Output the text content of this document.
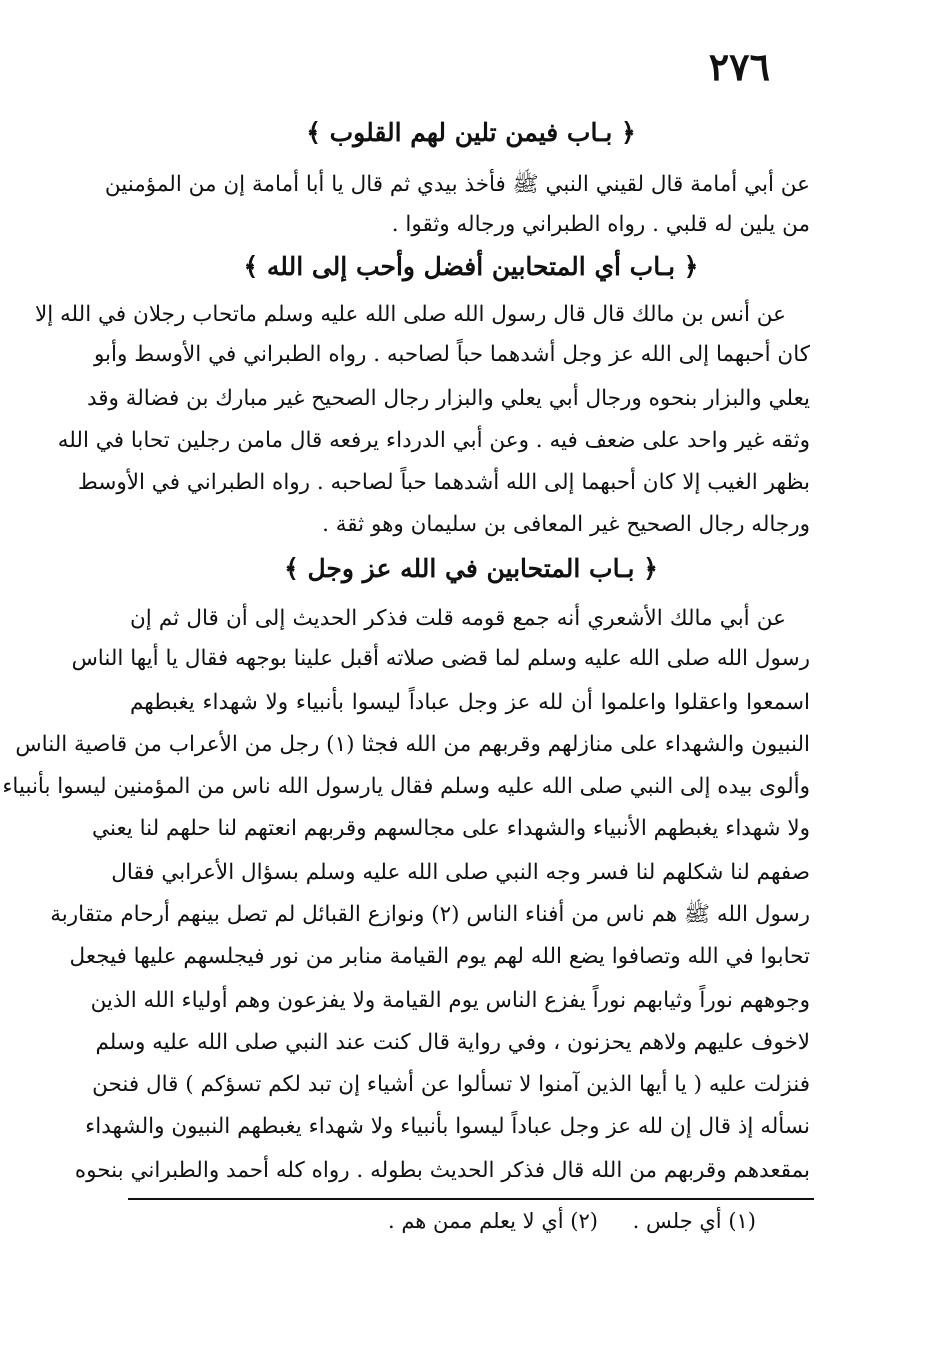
٢٧٦
﴿ بـاب فيمن تلين لهم القلوب ﴾
عن أبي أمامة قال لقيني النبي ﷺ فأخذ بيدي ثم قال يا أبا أمامة إن من المؤمنين
من يلين له قلبي . رواه الطبراني ورجاله وثقوا .
﴿ بـاب أي المتحابين أفضل وأحب إلى الله ﴾
عن أنس بن مالك قال قال رسول الله صلى الله عليه وسلم ماتحاب رجلان في الله إلا
كان أحبهما إلى الله عز وجل أشدهما حباً لصاحبه . رواه الطبراني في الأوسط وأبو
يعلي والبزار بنحوه ورجال أبي يعلي والبزار رجال الصحيح غير مبارك بن فضالة وقد
وثقه غير واحد على ضعف فيه . وعن أبي الدرداء يرفعه قال مامن رجلين تحابا في الله
بظهر الغيب إلا كان أحبهما إلى الله أشدهما حباً لصاحبه . رواه الطبراني في الأوسط
ورجاله رجال الصحيح غير المعافى بن سليمان وهو ثقة .
﴿ بـاب المتحابين في الله عز وجل ﴾
عن أبي مالك الأشعري أنه جمع قومه قلت فذكر الحديث إلى أن قال ثم إن
رسول الله صلى الله عليه وسلم لما قضى صلاته أقبل علينا بوجهه فقال يا أيها الناس
اسمعوا واعقلوا واعلموا أن لله عز وجل عباداً ليسوا بأنبياء ولا شهداء يغبطهم
النبيون والشهداء على منازلهم وقربهم من الله فجثا (١) رجل من الأعراب من قاصية الناس
وألوى بيده إلى النبي صلى الله عليه وسلم فقال يارسول الله ناس من المؤمنين ليسوا بأنبياء
ولا شهداء يغبطهم الأنبياء والشهداء على مجالسهم وقربهم انعتهم لنا حلهم لنا يعني
صفهم لنا شكلهم لنا فسر وجه النبي صلى الله عليه وسلم بسؤال الأعرابي فقال
رسول الله ﷺ هم ناس من أفناء الناس (٢) ونوازع القبائل لم تصل بينهم أرحام متقاربة
تحابوا في الله وتصافوا يضع الله لهم يوم القيامة منابر من نور فيجلسهم عليها فيجعل
وجوههم نوراً وثيابهم نوراً يفزع الناس يوم القيامة ولا يفزعون وهم أولياء الله الذين
لاخوف عليهم ولاهم يحزنون ، وفي رواية قال كنت عند النبي صلى الله عليه وسلم
فنزلت عليه ( يا أيها الذين آمنوا لا تسألوا عن أشياء إن تبد لكم تسؤكم ) قال فنحن
نسأله إذ قال إن لله عز وجل عباداً ليسوا بأنبياء ولا شهداء يغبطهم النبيون والشهداء
بمقعدهم وقربهم من الله قال فذكر الحديث بطوله . رواه كله أحمد والطبراني بنحوه
(١) أي جلس . (٢) أي لا يعلم ممن هم .
